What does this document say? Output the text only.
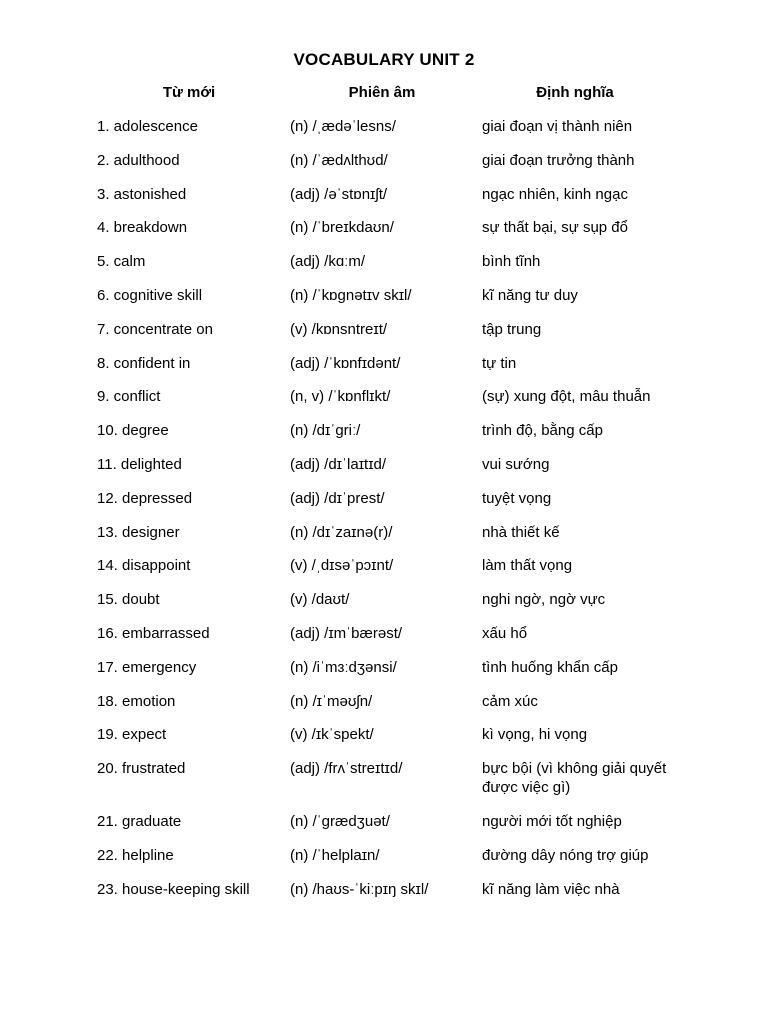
VOCABULARY UNIT 2
Từ mới	Phiên âm	Định nghĩa
1. adolescence	(n) /ˌædəˈlesns/	giai đoạn vị thành niên
2. adulthood	(n) /ˈædʌlthʊd/	giai đoạn trưởng thành
3. astonished	(adj) /əˈstɒnɪʃt/	ngạc nhiên, kinh ngạc
4. breakdown	(n) /ˈbreɪkdaʊn/	sự thất bại, sự sụp đổ
5. calm	(adj) /kɑːm/	bình tĩnh
6. cognitive skill	(n) /ˈkɒgnətɪv skɪl/	kĩ năng tư duy
7. concentrate on	(v) /kɒnsntreɪt/	tập trung
8. confident in	(adj) /ˈkɒnfɪdənt/	tự tin
9. conflict	(n, v) /ˈkɒnflɪkt/	(sự) xung đột, mâu thuẫn
10. degree	(n) /dɪˈgriː/	trình độ, bằng cấp
11. delighted	(adj) /dɪˈlaɪtɪd/	vui sướng
12. depressed	(adj) /dɪˈprest/	tuyệt vọng
13. designer	(n) /dɪˈzaɪnə(r)/	nhà thiết kế
14. disappoint	(v) /ˌdɪsəˈpɔɪnt/	làm thất vọng
15. doubt	(v) /daʊt/	nghi ngờ, ngờ vực
16. embarrassed	(adj) /ɪmˈbærəst/	xấu hổ
17. emergency	(n) /iˈmɜːdʒənsi/	tình huống khẩn cấp
18. emotion	(n) /ɪˈməʊʃn/	cảm xúc
19. expect	(v) /ɪkˈspekt/	kì vọng, hi vọng
20. frustrated	(adj) /frʌˈstreɪtɪd/	bực bội (vì không giải quyết được việc gì)
21. graduate	(n) /ˈgrædʒuət/	người mới tốt nghiệp
22. helpline	(n) /ˈhelplaɪn/	đường dây nóng trợ giúp
23. house-keeping skill	(n) /haʊs-ˈkiːpɪŋ skɪl/	kĩ năng làm việc nhà
